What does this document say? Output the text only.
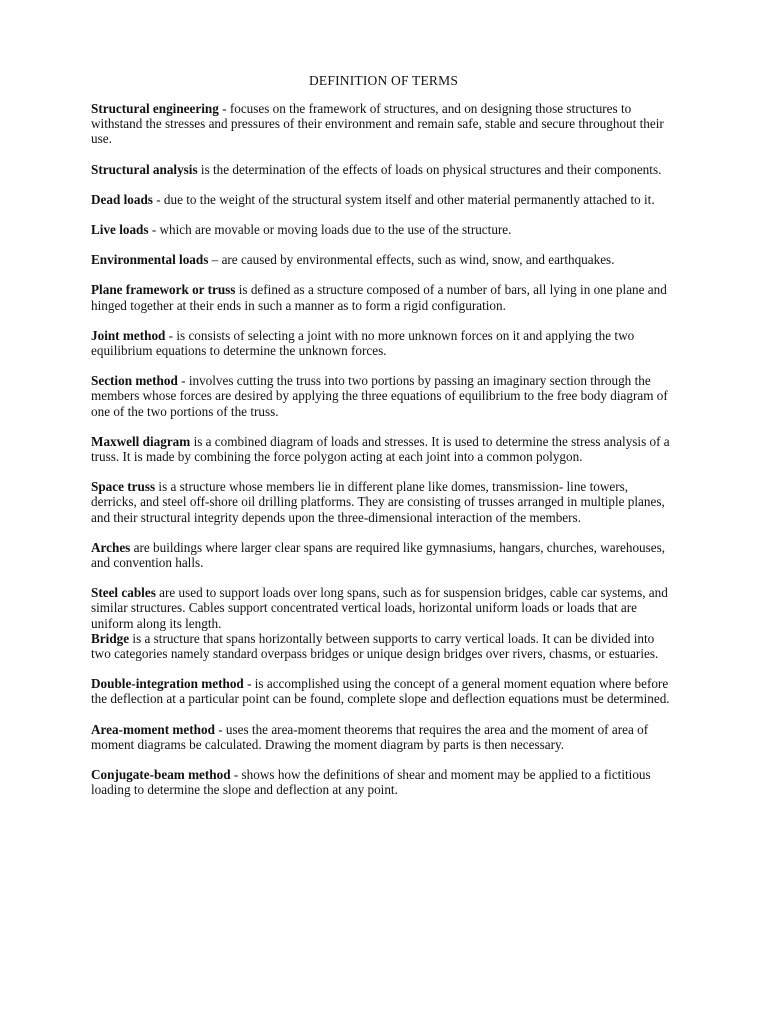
DEFINITION OF TERMS

Structural engineering - focuses on the framework of structures, and on designing those structures to withstand the stresses and pressures of their environment and remain safe, stable and secure throughout their use.

Structural analysis is the determination of the effects of loads on physical structures and their components.

Dead loads - due to the weight of the structural system itself and other material permanently attached to it.

Live loads - which are movable or moving loads due to the use of the structure.

Environmental loads – are caused by environmental effects, such as wind, snow, and earthquakes.

Plane framework or truss is defined as a structure composed of a number of bars, all lying in one plane and hinged together at their ends in such a manner as to form a rigid configuration.

Joint method - is consists of selecting a joint with no more unknown forces on it and applying the two equilibrium equations to determine the unknown forces.

Section method - involves cutting the truss into two portions by passing an imaginary section through the members whose forces are desired by applying the three equations of equilibrium to the free body diagram of one of the two portions of the truss.

Maxwell diagram is a combined diagram of loads and stresses. It is used to determine the stress analysis of a truss. It is made by combining the force polygon acting at each joint into a common polygon.

Space truss is a structure whose members lie in different plane like domes, transmission- line towers, derricks, and steel off-shore oil drilling platforms. They are consisting of trusses arranged in multiple planes, and their structural integrity depends upon the three-dimensional interaction of the members.

Arches are buildings where larger clear spans are required like gymnasiums, hangars, churches, warehouses, and convention halls.

Steel cables are used to support loads over long spans, such as for suspension bridges, cable car systems, and similar structures. Cables support concentrated vertical loads, horizontal uniform loads or loads that are uniform along its length.

Bridge is a structure that spans horizontally between supports to carry vertical loads. It can be divided into two categories namely standard overpass bridges or unique design bridges over rivers, chasms, or estuaries.

Double-integration method - is accomplished using the concept of a general moment equation where before the deflection at a particular point can be found, complete slope and deflection equations must be determined.

Area-moment method - uses the area-moment theorems that requires the area and the moment of area of moment diagrams be calculated. Drawing the moment diagram by parts is then necessary.

Conjugate-beam method - shows how the definitions of shear and moment may be applied to a fictitious loading to determine the slope and deflection at any point.
